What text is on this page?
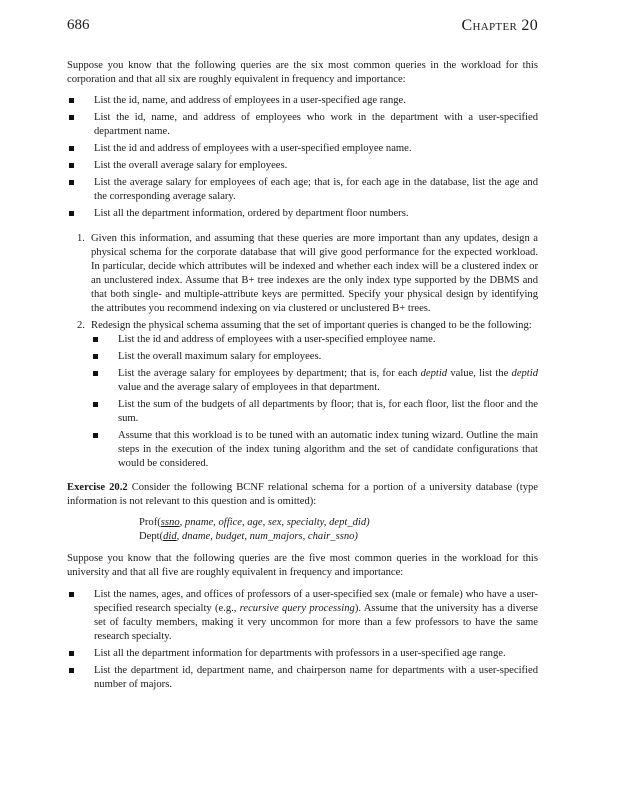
686	Chapter 20

Suppose you know that the following queries are the six most common queries in the workload for this corporation and that all six are roughly equivalent in frequency and importance:

List the id, name, and address of employees in a user-specified age range.
List the id, name, and address of employees who work in the department with a user-specified department name.
List the id and address of employees with a user-specified employee name.
List the overall average salary for employees.
List the average salary for employees of each age; that is, for each age in the database, list the age and the corresponding average salary.
List all the department information, ordered by department floor numbers.
1. Given this information, and assuming that these queries are more important than any updates, design a physical schema for the corporate database that will give good performance for the expected workload. In particular, decide which attributes will be indexed and whether each index will be a clustered index or an unclustered index. Assume that B+ tree indexes are the only index type supported by the DBMS and that both single- and multiple-attribute keys are permitted. Specify your physical design by identifying the attributes you recommend indexing on via clustered or unclustered B+ trees.
2. Redesign the physical schema assuming that the set of important queries is changed to be the following:
List the id and address of employees with a user-specified employee name.
List the overall maximum salary for employees.
List the average salary for employees by department; that is, for each deptid value, list the deptid value and the average salary of employees in that department.
List the sum of the budgets of all departments by floor; that is, for each floor, list the floor and the sum.
Assume that this workload is to be tuned with an automatic index tuning wizard. Outline the main steps in the execution of the index tuning algorithm and the set of candidate configurations that would be considered.

Exercise 20.2 Consider the following BCNF relational schema for a portion of a university database (type information is not relevant to this question and is omitted):

Prof(ssno, pname, office, age, sex, specialty, dept_did)
Dept(did, dname, budget, num_majors, chair_ssno)

Suppose you know that the following queries are the five most common queries in the workload for this university and that all five are roughly equivalent in frequency and importance:

List the names, ages, and offices of professors of a user-specified sex (male or female) who have a user-specified research specialty (e.g., recursive query processing). Assume that the university has a diverse set of faculty members, making it very uncommon for more than a few professors to have the same research specialty.
List all the department information for departments with professors in a user-specified age range.
List the department id, department name, and chairperson name for departments with a user-specified number of majors.
